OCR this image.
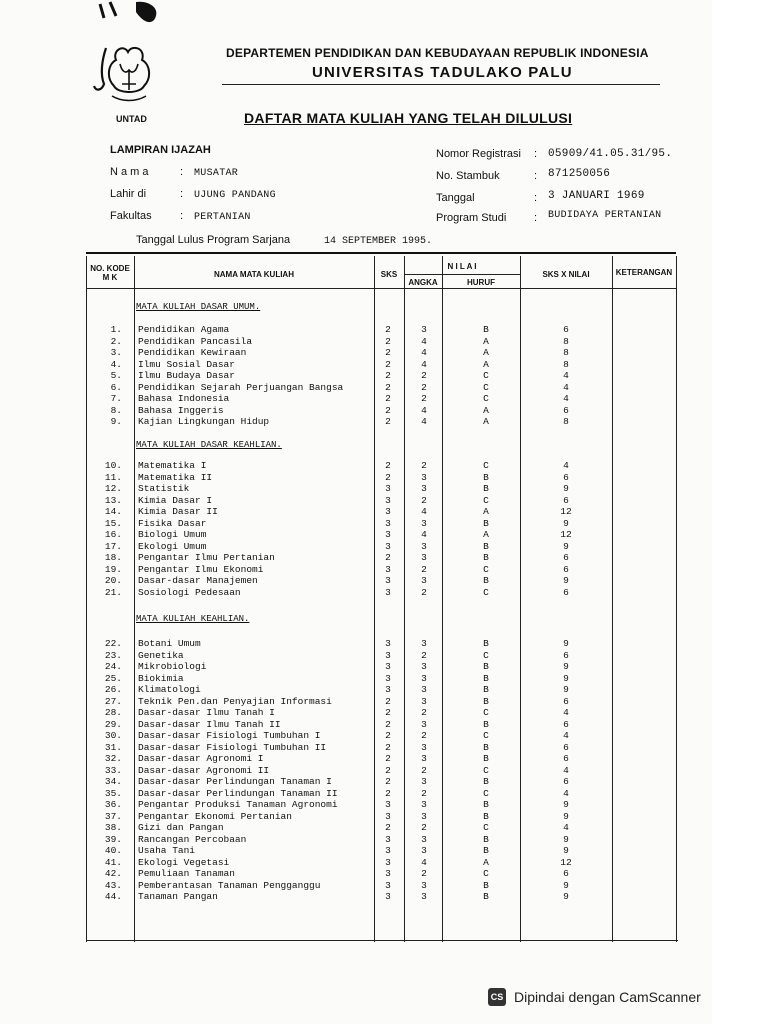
UNTAD
DEPARTEMEN PENDIDIKAN DAN KEBUDAYAAN REPUBLIK INDONESIA
UNIVERSITAS TADULAKO PALU
DAFTAR MATA KULIAH YANG TELAH DILULUSI
LAMPIRAN IJAZAH
N a m a	: MUSATAR
Lahir di	: UJUNG PANDANG
Fakultas	: PERTANIAN
Nomor Registrasi : 05909/41.05.31/95.
No. Stambuk	: 871250056
Tanggal	: 3 JANUARI 1969
Program Studi	: BUDIDAYA PERTANIAN
Tanggal Lulus Program Sarjana	14 SEPTEMBER 1995.
NO. KODE M K	NAMA MATA KULIAH	SKS
N I L A I
ANGKA	HURUF
SKS X NILAI	KETERANGAN
MATA KULIAH DASAR UMUM.
MATA KULIAH DASAR KEAHLIAN.
MATA KULIAH KEAHLIAN.
1. Pendidikan Agama	2	3	B	6
2. Pendidikan Pancasila	2	4	A	8
3. Pendidikan Kewiraan	2	4	A	8
4. Ilmu Sosial Dasar	2	4	A	8
5. Ilmu Budaya Dasar	2	2	C	4
6. Pendidikan Sejarah Perjuangan Bangsa	2	2	C	4
7. Bahasa Indonesia	2	2	C	4
8. Bahasa Inggeris	2	4	A	6
9. Kajian Lingkungan Hidup	2	4	A	8
10. Matematika I	2	2	C	4
11. Matematika II	2	3	B	6
12. Statistik	3	3	B	9
13. Kimia Dasar I	3	2	C	6
14. Kimia Dasar II	3	4	A	12
15. Fisika Dasar	3	3	B	9
16. Biologi Umum	3	4	A	12
17. Ekologi Umum	3	3	B	9
18. Pengantar Ilmu Pertanian	2	3	B	6
19. Pengantar Ilmu Ekonomi	3	2	C	6
20. Dasar-dasar Manajemen	3	3	B	9
21. Sosiologi Pedesaan	3	2	C	6
22. Botani Umum	3	3	B	9
23. Genetika	3	2	C	6
24. Mikrobiologi	3	3	B	9
25. Biokimia	3	3	B	9
26. Klimatologi	3	3	B	9
27. Teknik Pen.dan Penyajian Informasi	2	3	B	6
28. Dasar-dasar Ilmu Tanah I	2	2	C	4
29. Dasar-dasar Ilmu Tanah II	2	3	B	6
30. Dasar-dasar Fisiologi Tumbuhan I	2	2	C	4
31. Dasar-dasar Fisiologi Tumbuhan II	2	3	B	6
32. Dasar-dasar Agronomi I	2	3	B	6
33. Dasar-dasar Agronomi II	2	2	C	4
34. Dasar-dasar Perlindungan Tanaman I	2	3	B	6
35. Dasar-dasar Perlindungan Tanaman II	2	2	C	4
36. Pengantar Produksi Tanaman Agronomi	3	3	B	9
37. Pengantar Ekonomi Pertanian	3	3	B	9
38. Gizi dan Pangan	2	2	C	4
39. Rancangan Percobaan	3	3	B	9
40. Usaha Tani	3	3	B	9
41. Ekologi Vegetasi	3	4	A	12
42. Pemuliaan Tanaman	3	2	C	6
43. Pemberantasan Tanaman Pengganggu	3	3	B	9
44. Tanaman Pangan	3	3	B	9
CS Dipindai dengan CamScanner
